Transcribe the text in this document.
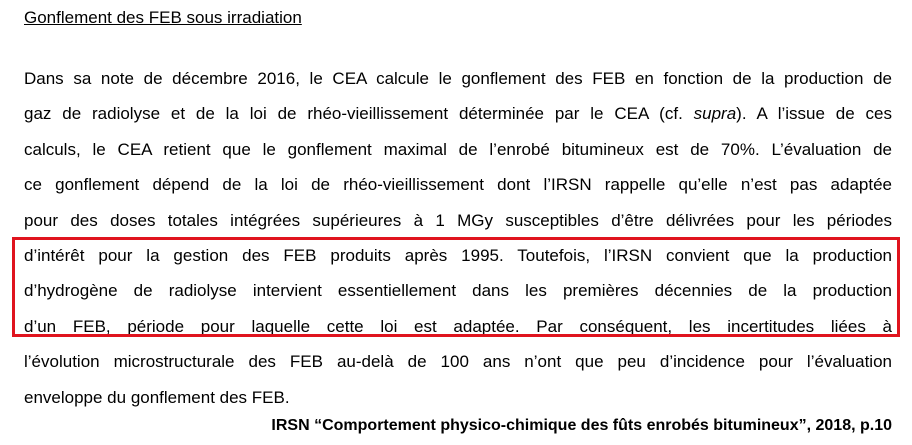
Gonflement des FEB sous irradiation
Dans sa note de décembre 2016, le CEA calcule le gonflement des FEB en fonction de la production de
gaz de radiolyse et de la loi de rhéo-vieillissement déterminée par le CEA (cf. supra). A l’issue de ces
calculs, le CEA retient que le gonflement maximal de l’enrobé bitumineux est de 70%. L’évaluation de
ce gonflement dépend de la loi de rhéo-vieillissement dont l’IRSN rappelle qu’elle n’est pas adaptée
pour des doses totales intégrées supérieures à 1 MGy susceptibles d’être délivrées pour les périodes
d’intérêt pour la gestion des FEB produits après 1995. Toutefois, l’IRSN convient que la production
d’hydrogène de radiolyse intervient essentiellement dans les premières décennies de la production
d’un FEB, période pour laquelle cette loi est adaptée. Par conséquent, les incertitudes liées à
l’évolution microstructurale des FEB au-delà de 100 ans n’ont que peu d’incidence pour l’évaluation
enveloppe du gonflement des FEB.
IRSN “Comportement physico-chimique des fûts enrobés bitumineux”, 2018, p.10
